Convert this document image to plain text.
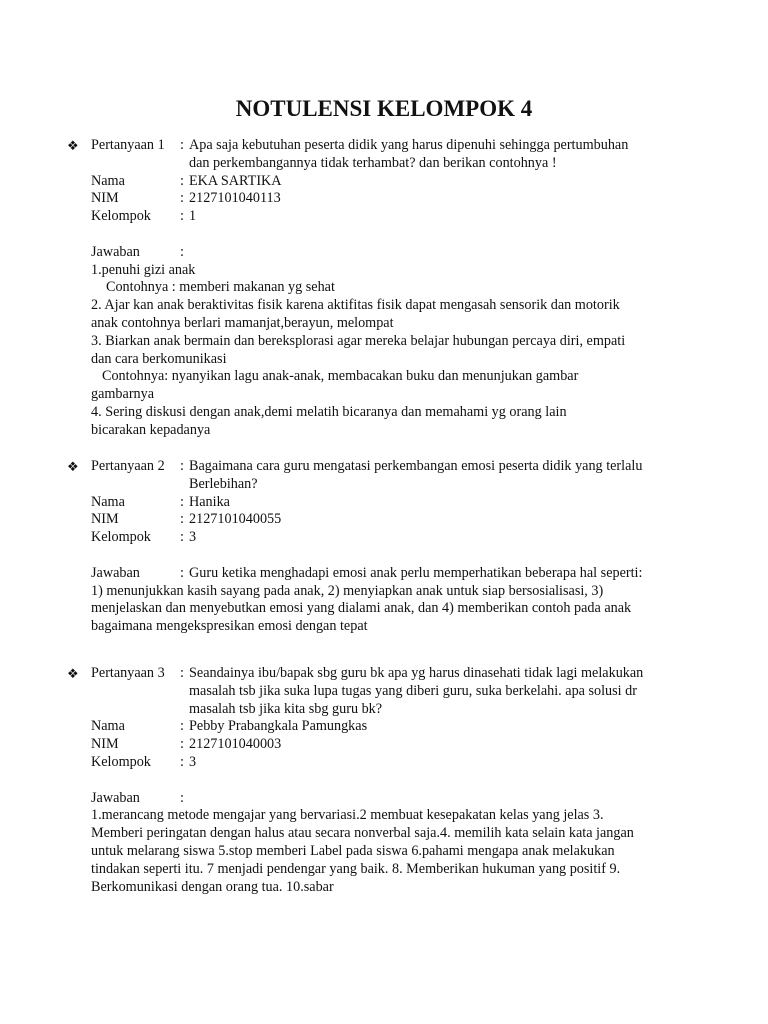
NOTULENSI KELOMPOK 4
❖ Pertanyaan 1 : Apa saja kebutuhan peserta didik yang harus dipenuhi sehingga pertumbuhan
dan perkembangannya tidak terhambat? dan berikan contohnya !
Nama	: EKA SARTIKA
NIM	: 2127101040113
Kelompok : 1
Jawaban	:

1.penuhi gizi anak

Contohnya : memberi makanan yg sehat

2. Ajar kan anak beraktivitas fisik karena aktifitas fisik dapat mengasah sensorik dan motorik

anak contohnya berlari mamanjat,berayun, melompat

3. Biarkan anak bermain dan bereksplorasi agar mereka belajar hubungan percaya diri, empati

dan cara berkomunikasi

Contohnya: nyanyikan lagu anak-anak, membacakan buku dan menunjukan gambar

gambarnya

4. Sering diskusi dengan anak,demi melatih bicaranya dan memahami yg orang lain

bicarakan kepadanya

❖ Pertanyaan 2 : Bagaimana cara guru mengatasi perkembangan emosi peserta didik yang terlalu
Berlebihan?
Nama	: Hanika
NIM	: 2127101040055
Kelompok : 3
Jawaban	: Guru ketika menghadapi emosi anak perlu memperhatikan beberapa hal seperti:

1) menunjukkan kasih sayang pada anak, 2) menyiapkan anak untuk siap bersosialisasi, 3)

menjelaskan dan menyebutkan emosi yang dialami anak, dan 4) memberikan contoh pada anak

bagaimana mengekspresikan emosi dengan tepat

❖ Pertanyaan 3 : Seandainya ibu/bapak sbg guru bk apa yg harus dinasehati tidak lagi melakukan
masalah tsb jika suka lupa tugas yang diberi guru, suka berkelahi. apa solusi dr
masalah tsb jika kita sbg guru bk?
Nama	: Pebby Prabangkala Pamungkas
NIM	: 2127101040003
Kelompok : 3
Jawaban	:

1.merancang metode mengajar yang bervariasi.2 membuat kesepakatan kelas yang jelas 3.

Memberi peringatan dengan halus atau secara nonverbal saja.4. memilih kata selain kata jangan

untuk melarang siswa 5.stop memberi Label pada siswa 6.pahami mengapa anak melakukan

tindakan seperti itu. 7 menjadi pendengar yang baik. 8. Memberikan hukuman yang positif 9.

Berkomunikasi dengan orang tua. 10.sabar
